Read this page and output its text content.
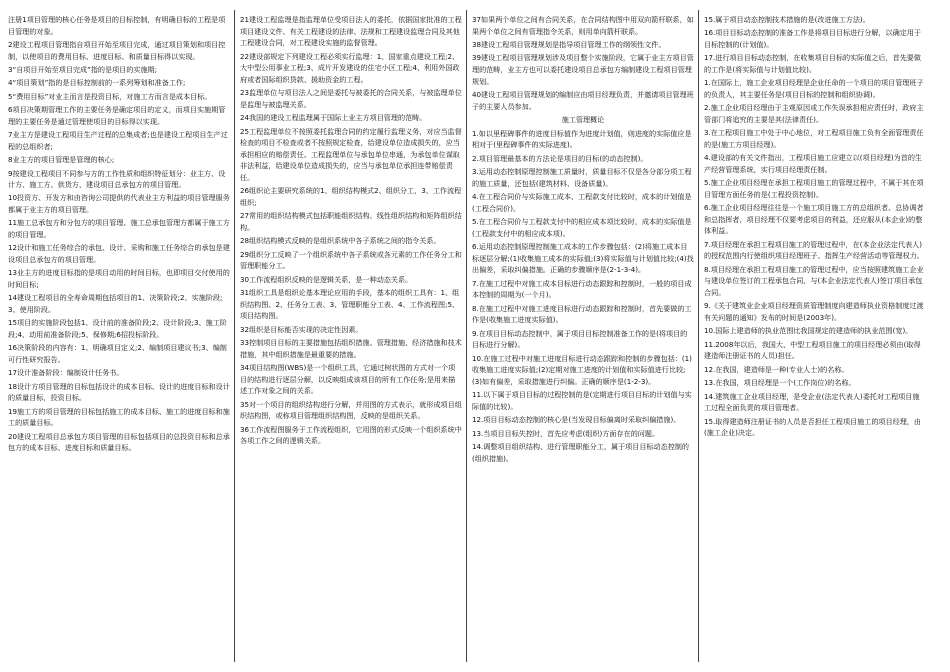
注册1项目管理的核心任务是项目的目标控制，有明确目标的工程是项目管理的对象。

2建设工程项目管理指自项目开始至项目完成，通过项目策划和项目控制，以使项目的费用目标、进度目标、和质量目标得以实现。

3“自项目开始至项目完成”指的是项目的实施期;

4“项目策划”指的是目标控制前的一系列筹划和准备工作;

5“费用目标”对业主而言是投资目标，对施工方而言是成本目标。

6项目决策期管理工作的主要任务是确定项目的定义，而项目实施期管理的主要任务是通过管理使项目的目标得以实现。

7业主方是建设工程项目生产过程的总集成者;也是建设工程项目生产过程的总组织者;

8业主方的项目管理是管理的核心;

9按建设工程项目不同参与方的工作性质和组织特征划分：业主方、设计方、施工方、供货方、建设项目总承包方的项目管理。

10投资方、开发方和由咨询公司提供的代表业主方利益的项目管理服务都属于业主方的项目管理。

11施工总承包方和分包方的项目管理、施工总承包管理方都属于施工方的项目管理。

12设计和施工任务综合的承包、设计、采购和施工任务综合的承包是建设项目总承包方的项目管理。

13业主方的进度目标指的是项目动用的时间目标，也即项目交付使用的时间目标;

14建设工程项目的全寿命周期包括项目的1、决策阶段;2、实施阶段;3、使用阶段。

15项目的实施阶段包括1、设计前的准备阶段;2、设计阶段;3、施工阶段;4、动用前准备阶段;5、保修期;6招投标阶段。

16决策阶段的内容有：1、明确项目定义;2、编制项目建议书;3、编制可行性研究报告。

17设计准备阶段：编制设计任务书。

18设计方项目管理的目标包括设计的成本目标、设计的进度目标和设计的质量目标，投资目标。

19施工方的项目管理的目标包括施工的成本目标、施工的进度目标和施工的质量目标。

20建设工程项目总承包方项目管理的目标包括项目的总投资目标和总承包方的成本目标、进度目标和质量目标。

21建设工程监理是指监理单位受项目法人的委托，依据国家批准的工程项目建设文件、有关工程建设的法律、法规和工程建设监理合同及其他工程建设合同，对工程建设实施的监督管理。

22建设部规定下列建设工程必须实行监理：1、国家重点建设工程;2、大中型公用事业工程;3、成片开发建设的住宅小区工程;4、利用外国政府或者国际组织贷款、援助资金的工程。

23监理单位与项目法人之间是委托与被委托的合同关系，与被监理单位是监理与被监理关系。

24我国的建设工程监理属于国际上业主方项目管理的范畴。

25工程监理单位不按照委托监理合同的约定履行监理义务，对应当监督检查的项目不检查或者不按照规定检查，给建设单位造成损失的，应当承担相应的赔偿责任。工程监理单位与承包单位串通，为承包单位谋取非法利益，给建设单位造成损失的，应当与承包单位承担连带赔偿责任。

26组织论主要研究系统的1、组织结构模式2、组织分工，3、工作流程组织;

27常用的组织结构模式包括职能组织结构、线性组织结构和矩阵组织结构。

28组织结构模式反映的是组织系统中各子系统之间的指令关系。

29组织分工反映了一个组织系统中各子系统或各元素的工作任务分工和管理职能分工。

30工作流程组织反映的是逻辑关系，是一种动态关系。

31组织工具是组织论基本理论应用的手段，基本的组织工具有：1、组织结构图、2、任务分工表、3、管理职能分工表、4、工作流程图;5、项目结构图。

32组织是目标能否实现的决定性因素。

33控制项目目标的主要措施包括组织措施、管理措施、经济措施和技术措施，其中组织措施是最重要的措施。

34项目结构图(WBS)是一个组织工具，它通过树状图的方式对一个项目的结构进行逐层分解，以反映组成该项目的所有工作任务;是用来描述工作对象之间的关系。

35对一个项目的组织结构进行分解，并用图的方式表示，就形成项目组织结构图，或称项目管理组织结构图，反映的是组织关系。

36工作流程图服务于工作流程组织，它用图的形式反映一个组织系统中各项工作之间的逻辑关系。

37如果两个单位之间有合同关系，在合同结构图中用双向箭杆联系，如果两个单位之间有管理指令关系，则用单向箭杆联系。

38建设工程项目管理规划是指导项目管理工作的纲领性文件。

39建设工程项目管理规划涉及项目整个实施阶段，它属于业主方项目管理的范畴，业主方也可以委托建设项目总承包方编制建设工程项目管理规划。

40建设工程项目管理规划的编制应由项目经理负责，并邀请项目管理班子的主要人员参加。

施工管理概论

1.如以里程碑事件的进度目标值作为进度计划值，则进度的实际值应是相对于(里程碑事件的实际进度)。

2.项目管理最基本的方法论是项目的目标(的动态控制)。

3.运用动态控制原理控制施工质量时，质量目标不仅是各分部分项工程的施工质量，还包括(建筑材料、设备质量)。

4.在工程合同价与实际施工成本、工程款支付比较时，成本的计划值是(工程合同价)。

5.在工程合同价与工程款支付中的相应成本项比较时，成本的实际值是(工程款支付中的相应成本项)。

6.运用动态控制原理控制施工成本的工作步骤包括：(2)将施工成本目标逐层分解;(1)收集施工成本的实际值;(3)将实际值与计划值比较;(4)找出偏差，采取纠偏措施。正确的步骤顺序是(2-1-3-4)。

7.在施工过程中对施工成本目标进行动态跟踪和控制时，一般的项目成本控制的周期为(一个月)。

8.在施工过程中对施工进度目标进行动态跟踪和控制时，首先要做的工作是(收集施工进度实际值)。

9.在项目目标动态控制中，属于项目目标控制准备工作的是(将项目的目标进行分解)。

10.在施工过程中对施工进度目标进行动态跟踪和控制的步骤包括：(1)收集施工进度实际值;(2)定期对施工进度的计划值和实际值进行比较;(3)如有偏差，采取措施进行纠偏。正确的顺序是(1-2-3)。

11.以下属于项目目标的过程控制的是(定期进行项目目标的计划值与实际值的比较)。

12.项目目标动态控制的核心是(当发现目标偏离时采取纠偏措施)。

13.当项目目标失控时，首先应考虑(组织)方面存在的问题。

14.调整项目组织结构、进行管理职能分工，属于项目目标动态控制的(组织措施)。

15.属于项目动态控制技术措施的是(改进施工方法)。

16.项目目标动态控制的准备工作是将项目目标进行分解，以确定用于目标控制的(计划值)。

17.进行项目目标动态控制，在收集项目目标的实际值之后，首先要做的工作是(将实际值与计划值比较)。

1.在国际上，施工企业项目经理是企业任命的一个项目的项目管理班子的负责人，其主要任务是(项目目标的控制和组织协调)。

2.施工企业项目经理由于主观原因或工作失误承担相应责任时，政府主管部门将追究的主要是其(法律责任)。

3.在工程项目施工中处于中心地位，对工程项目施工负有全面管理责任的是(施工方项目经理)。

4.建设部的有关文件指出，工程项目施工应建立以(项目经理)为首的生产经营管理系统，实行项目经理责任制。

5.施工企业项目经理在承担工程项目施工的管理过程中，不属于其在项目管理方面任务的是(工程投资控制)。

6.施工企业项目经理往往是一个施工项目施工方的总组织者、总协调者和总指挥者，项目经理不仅要考虑项目的利益，还应服从(本企业)的整体利益。

7.项目经理在承担工程项目施工的管理过程中，在(本企业法定代表人)的授权范围内行使组织项目经理班子、指挥生产经营活动等管理权力。

8.项目经理在承担工程项目施工的管理过程中，应当按照建筑施工企业与建设单位签订的工程承包合同，与(本企业法定代表人)签订项目承包合同。

9.《关于建筑业企业项目经理资质管理制度向建造师执业资格制度过渡有关问题的通知》发布的时间是(2003年)。

10.国际上建造师的执业范围比我国规定的建造师的执业范围(宽)。

11.2008年以后，我国大、中型工程项目施工的项目经理必须由(取得建造师注册证书的人员)担任。

12.在我国，建造师是一种(专业人士)的名称。

13.在我国，项目经理是一个(工作岗位)的名称。

14.建筑施工企业项目经理，是受企业(法定代表人)委托对工程项目施工过程全面负责的项目管理者。

15.取得建造师注册证书的人员是否担任工程项目施工的项目经理，由(施工企业)决定。
